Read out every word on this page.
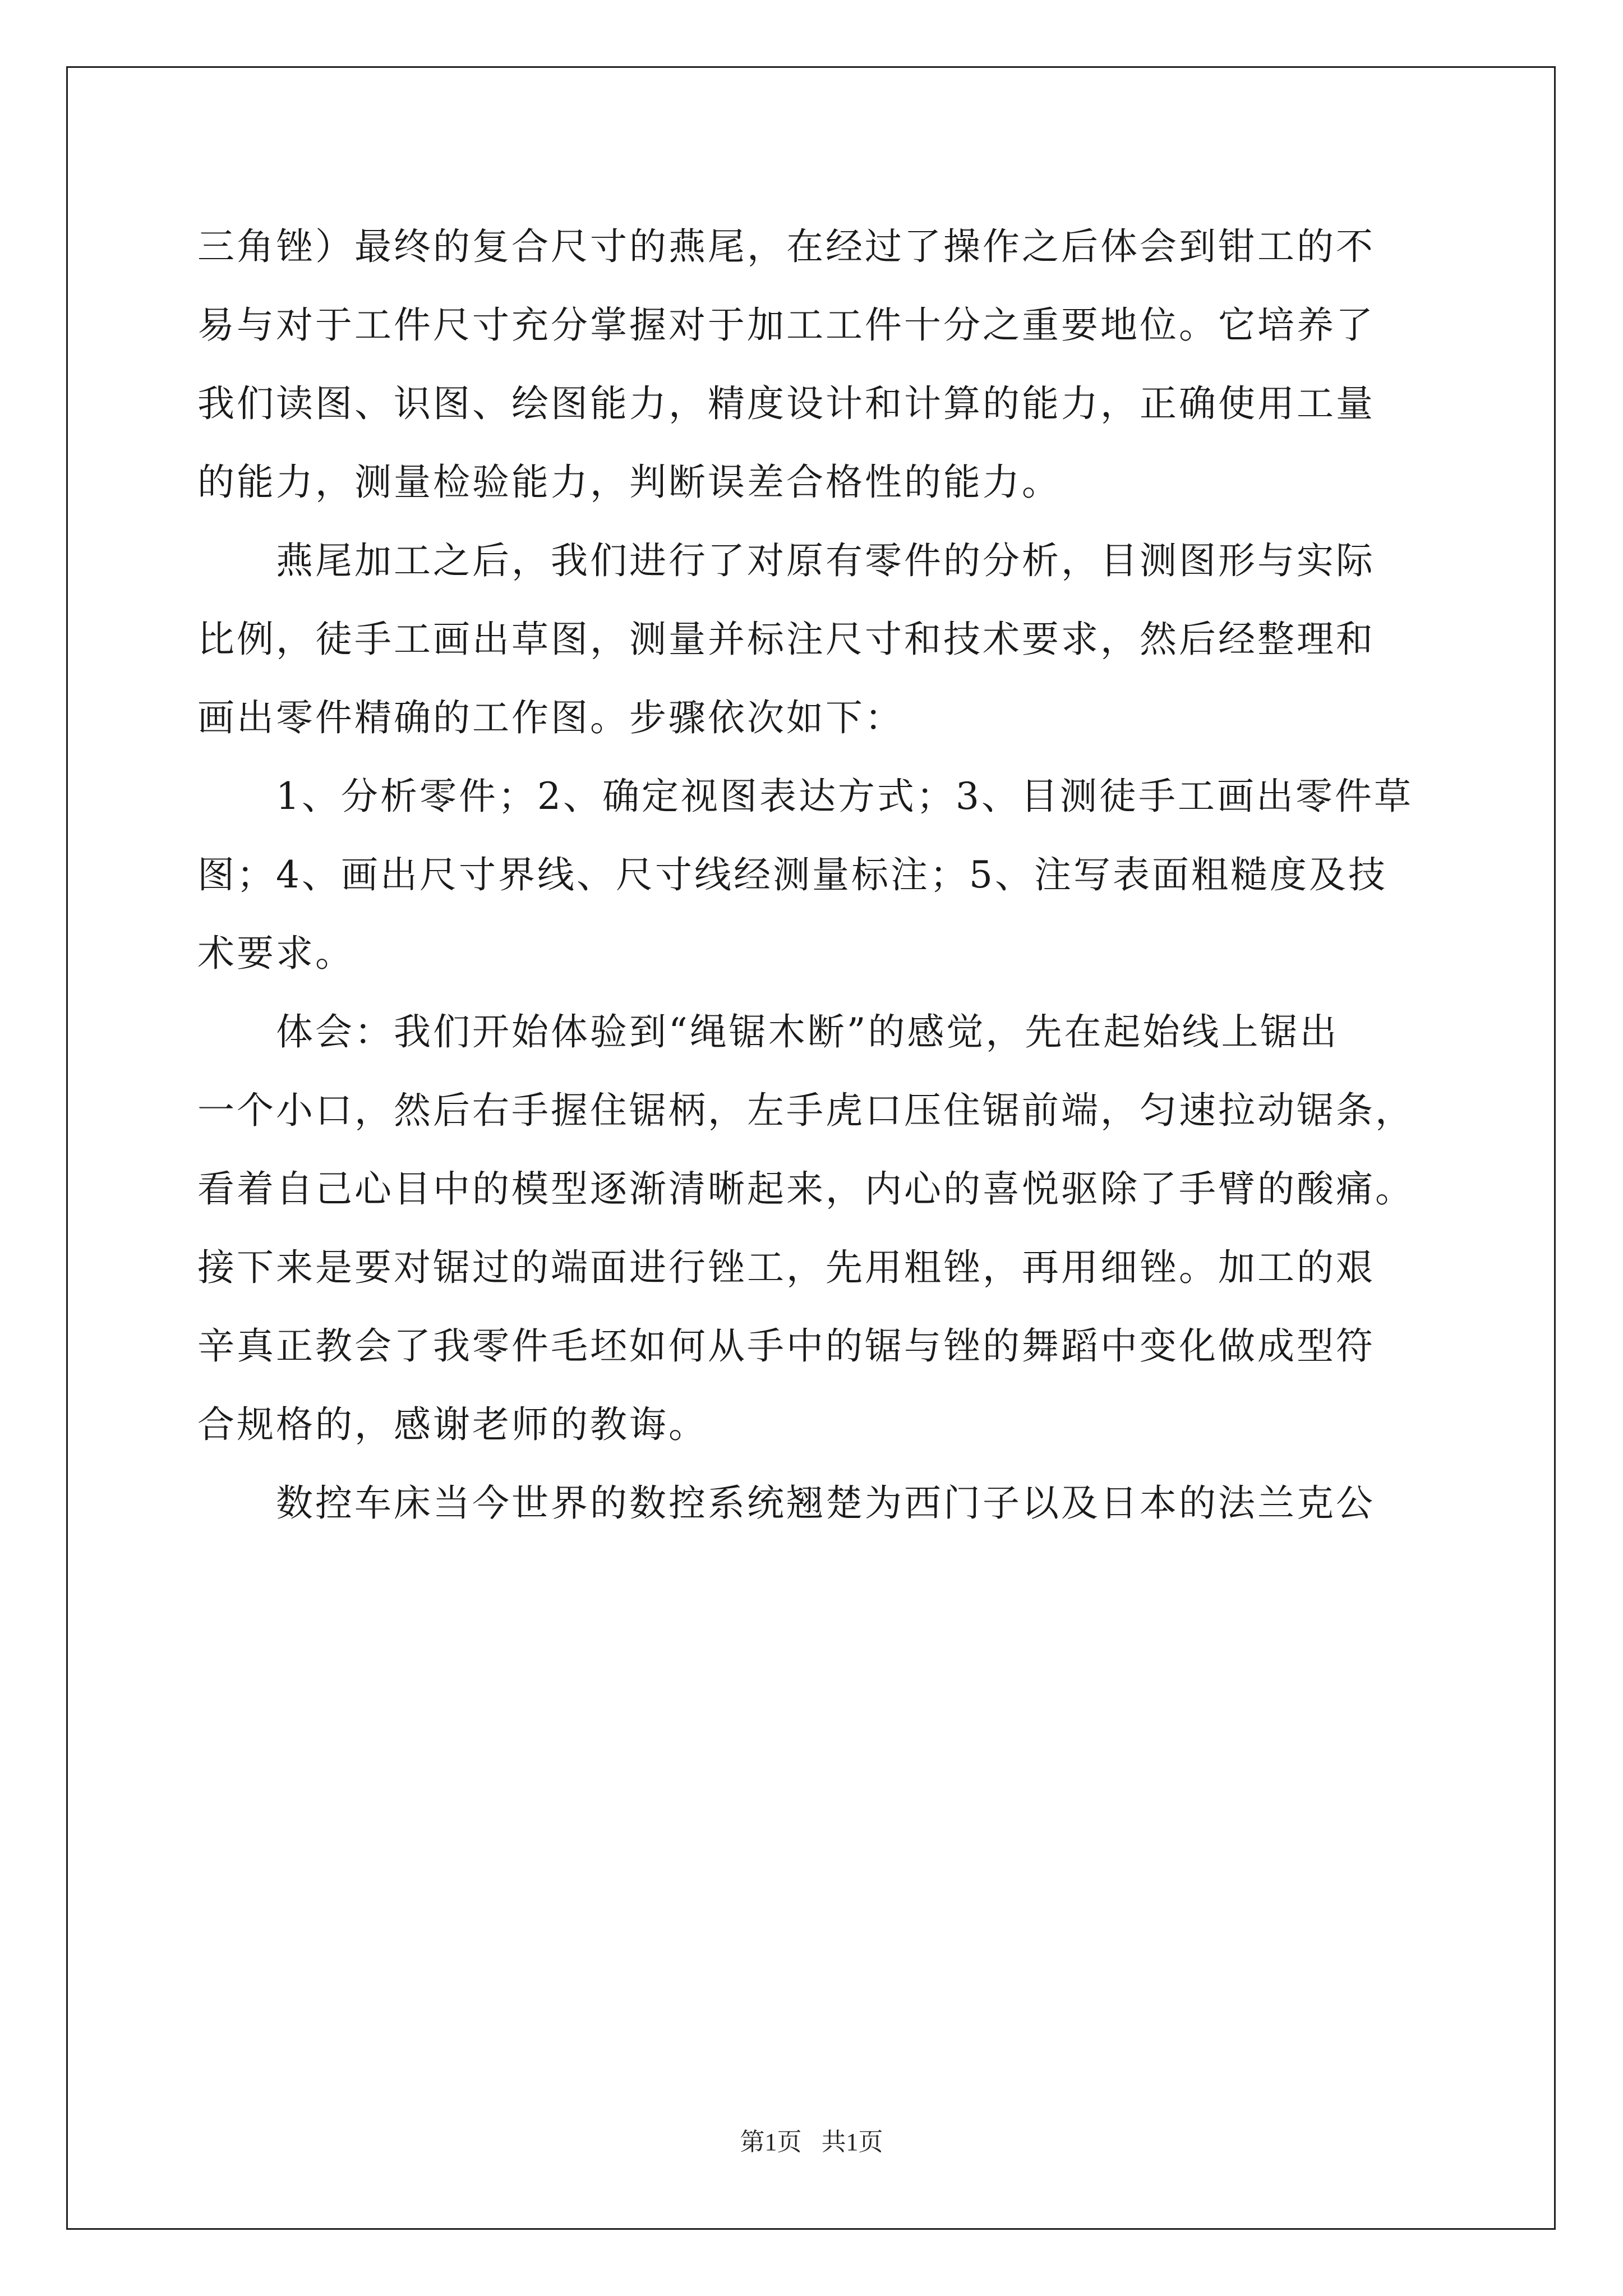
三角锉）最终的复合尺寸的燕尾，在经过了操作之后体会到钳工的不
易与对于工件尺寸充分掌握对于加工工件十分之重要地位。它培养了
我们读图、识图、绘图能力，精度设计和计算的能力，正确使用工量
的能力，测量检验能力，判断误差合格性的能力。
燕尾加工之后，我们进行了对原有零件的分析，目测图形与实际
比例，徒手工画出草图，测量并标注尺寸和技术要求，然后经整理和
画出零件精确的工作图。步骤依次如下：
1、分析零件；2、确定视图表达方式；3、目测徒手工画出零件草
图；4、画出尺寸界线、尺寸线经测量标注；5、注写表面粗糙度及技
术要求。
体会：我们开始体验到“绳锯木断”的感觉，先在起始线上锯出
一个小口，然后右手握住锯柄，左手虎口压住锯前端，匀速拉动锯条，
看着自己心目中的模型逐渐清晰起来，内心的喜悦驱除了手臂的酸痛。
接下来是要对锯过的端面进行锉工，先用粗锉，再用细锉。加工的艰
辛真正教会了我零件毛坯如何从手中的锯与锉的舞蹈中变化做成型符
合规格的，感谢老师的教诲。
数控车床当今世界的数控系统翘楚为西门子以及日本的法兰克公
第1页 共1页
